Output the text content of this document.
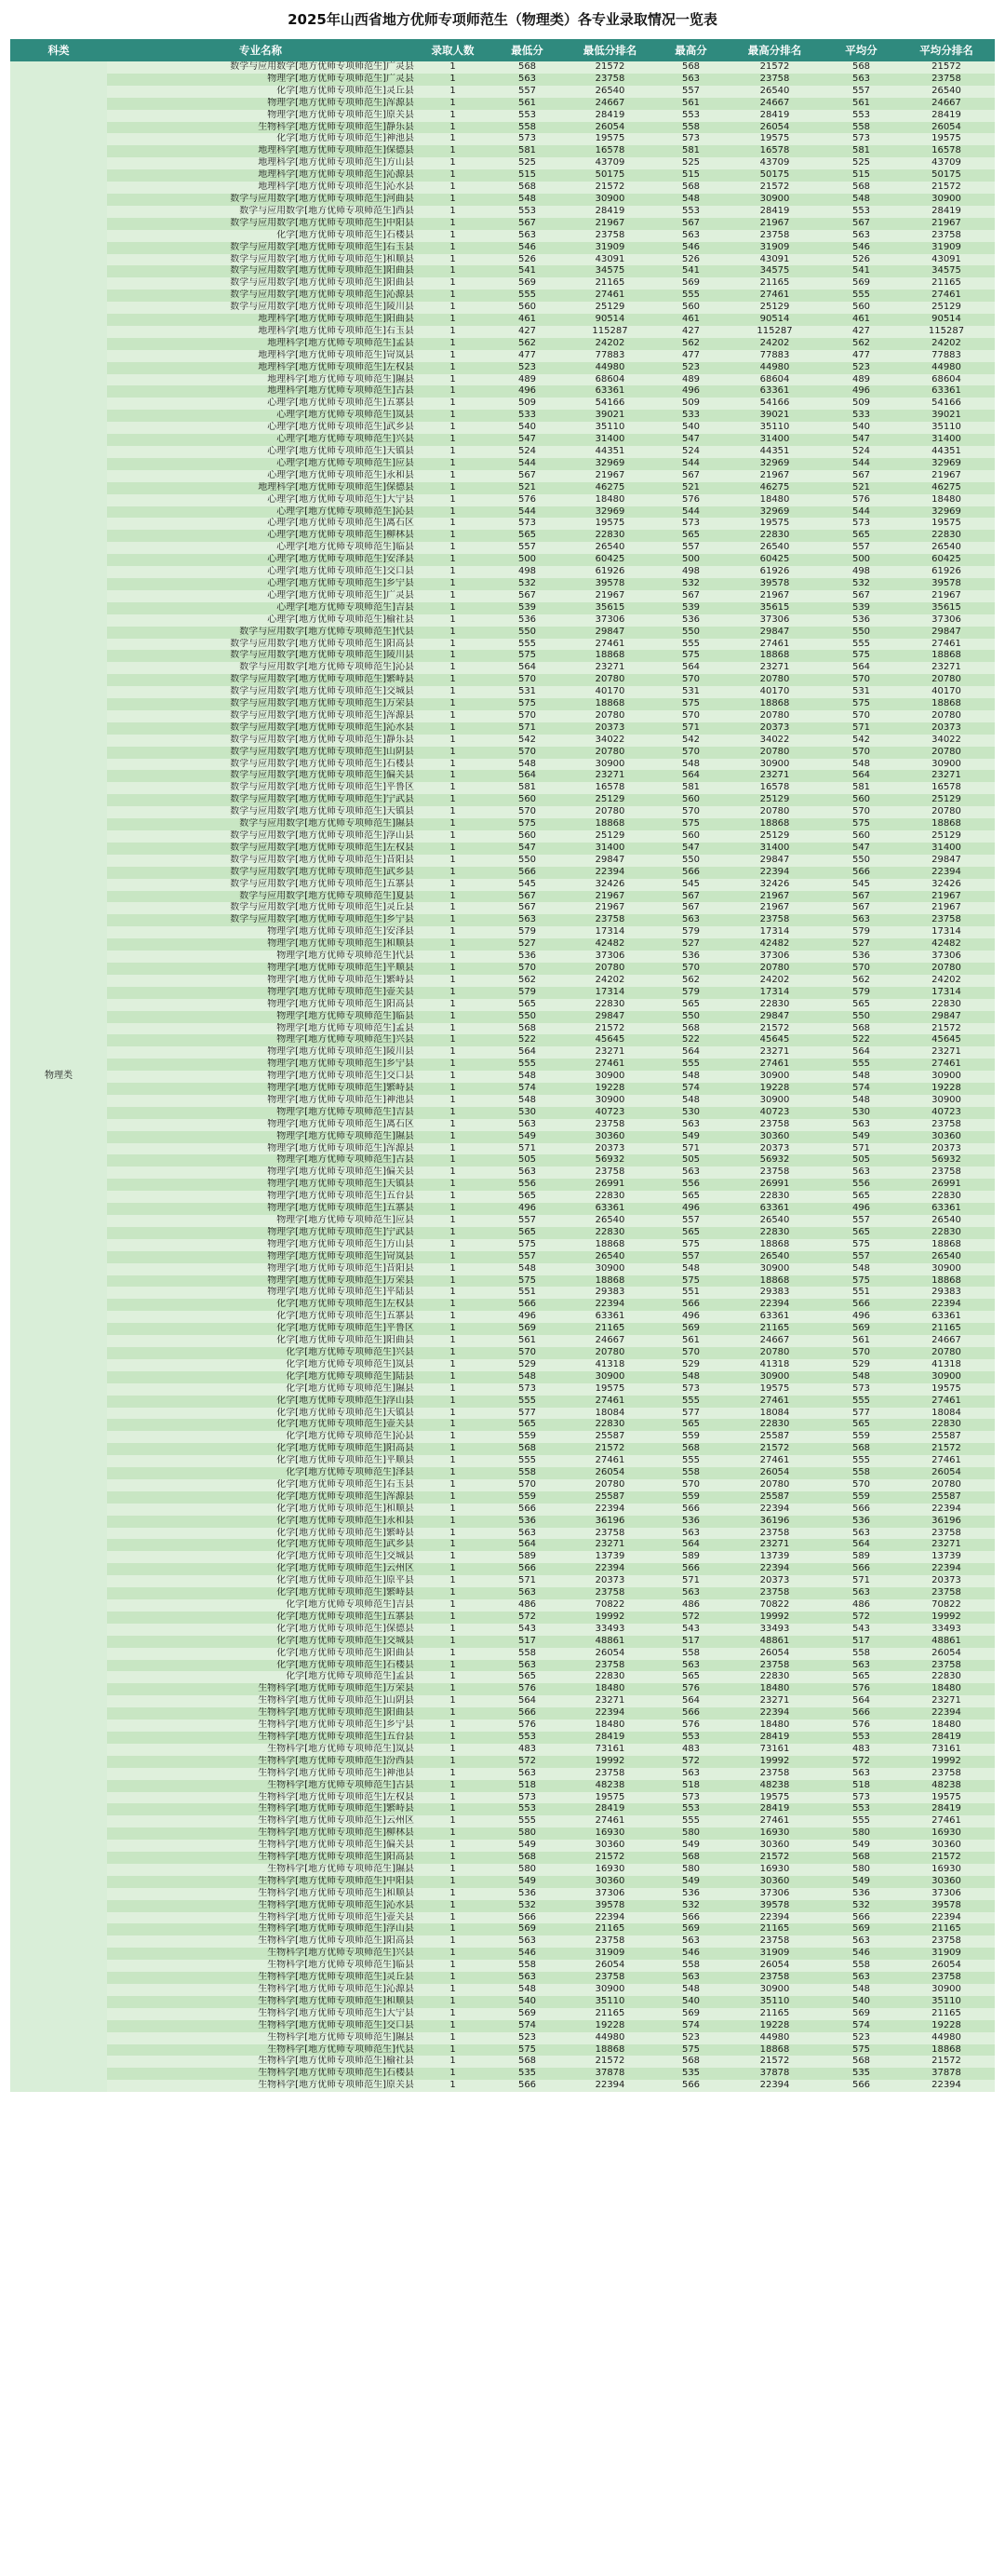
2025年山西省地方优师专项师范生（物理类）各专业录取情况一览表
科类	专业名称	录取人数	最低分	最低分排名	最高分	最高分排名	平均分	平均分排名
物理类	数学与应用数学[地方优师专项师范生]广灵县	1	568	21572	568	21572	568	21572
	物理学[地方优师专项师范生]广灵县	1	563	23758	563	23758	563	23758
	化学[地方优师专项师范生]灵丘县	1	557	26540	557	26540	557	26540
	物理学[地方优师专项师范生]浑源县	1	561	24667	561	24667	561	24667
	物理学[地方优师专项师范生]原关县	1	553	28419	553	28419	553	28419
	生物科学[地方优师专项师范生]静乐县	1	558	26054	558	26054	558	26054
	化学[地方优师专项师范生]神池县	1	573	19575	573	19575	573	19575
	地理科学[地方优师专项师范生]保德县	1	581	16578	581	16578	581	16578
	地理科学[地方优师专项师范生]方山县	1	525	43709	525	43709	525	43709
	地理科学[地方优师专项师范生]沁源县	1	515	50175	515	50175	515	50175
	地理科学[地方优师专项师范生]沁水县	1	568	21572	568	21572	568	21572
	数学与应用数学[地方优师专项师范生]河曲县	1	548	30900	548	30900	548	30900
	数学与应用数学[地方优师专项师范生]西县	1	553	28419	553	28419	553	28419
	数学与应用数学[地方优师专项师范生]中阳县	1	567	21967	567	21967	567	21967
	化学[地方优师专项师范生]石楼县	1	563	23758	563	23758	563	23758
	数学与应用数学[地方优师专项师范生]右玉县	1	546	31909	546	31909	546	31909
	数学与应用数学[地方优师专项师范生]和顺县	1	526	43091	526	43091	526	43091
	数学与应用数学[地方优师专项师范生]阳曲县	1	541	34575	541	34575	541	34575
	数学与应用数学[地方优师专项师范生]阳曲县	1	569	21165	569	21165	569	21165
	数学与应用数学[地方优师专项师范生]沁源县	1	555	27461	555	27461	555	27461
	数学与应用数学[地方优师专项师范生]陵川县	1	560	25129	560	25129	560	25129
	地理科学[地方优师专项师范生]阳曲县	1	461	90514	461	90514	461	90514
	地理科学[地方优师专项师范生]右玉县	1	427	115287	427	115287	427	115287
	地理科学[地方优师专项师范生]孟县	1	562	24202	562	24202	562	24202
	地理科学[地方优师专项师范生]岢岚县	1	477	77883	477	77883	477	77883
	地理科学[地方优师专项师范生]左权县	1	523	44980	523	44980	523	44980
	地理科学[地方优师专项师范生]隰县	1	489	68604	489	68604	489	68604
	地理科学[地方优师专项师范生]古县	1	496	63361	496	63361	496	63361
	心理学[地方优师专项师范生]五寨县	1	509	54166	509	54166	509	54166
	心理学[地方优师专项师范生]岚县	1	533	39021	533	39021	533	39021
	心理学[地方优师专项师范生]武乡县	1	540	35110	540	35110	540	35110
	心理学[地方优师专项师范生]兴县	1	547	31400	547	31400	547	31400
	心理学[地方优师专项师范生]天镇县	1	524	44351	524	44351	524	44351
	心理学[地方优师专项师范生]应县	1	544	32969	544	32969	544	32969
	心理学[地方优师专项师范生]永和县	1	567	21967	567	21967	567	21967
	地理科学[地方优师专项师范生]保德县	1	521	46275	521	46275	521	46275
	心理学[地方优师专项师范生]大宁县	1	576	18480	576	18480	576	18480
	心理学[地方优师专项师范生]沁县	1	544	32969	544	32969	544	32969
	心理学[地方优师专项师范生]离石区	1	573	19575	573	19575	573	19575
	心理学[地方优师专项师范生]柳林县	1	565	22830	565	22830	565	22830
	心理学[地方优师专项师范生]临县	1	557	26540	557	26540	557	26540
	心理学[地方优师专项师范生]安泽县	1	500	60425	500	60425	500	60425
	心理学[地方优师专项师范生]交口县	1	498	61926	498	61926	498	61926
	心理学[地方优师专项师范生]乡宁县	1	532	39578	532	39578	532	39578
	心理学[地方优师专项师范生]广灵县	1	567	21967	567	21967	567	21967
	心理学[地方优师专项师范生]吉县	1	539	35615	539	35615	539	35615
	心理学[地方优师专项师范生]榆社县	1	536	37306	536	37306	536	37306
	数学与应用数学[地方优师专项师范生]代县	1	550	29847	550	29847	550	29847
	数学与应用数学[地方优师专项师范生]阳高县	1	555	27461	555	27461	555	27461
	数学与应用数学[地方优师专项师范生]陵川县	1	575	18868	575	18868	575	18868
	数学与应用数学[地方优师专项师范生]沁县	1	564	23271	564	23271	564	23271
	数学与应用数学[地方优师专项师范生]繁峙县	1	570	20780	570	20780	570	20780
	数学与应用数学[地方优师专项师范生]交城县	1	531	40170	531	40170	531	40170
	数学与应用数学[地方优师专项师范生]万荣县	1	575	18868	575	18868	575	18868
	数学与应用数学[地方优师专项师范生]浑源县	1	570	20780	570	20780	570	20780
	数学与应用数学[地方优师专项师范生]沁水县	1	571	20373	571	20373	571	20373
	数学与应用数学[地方优师专项师范生]静乐县	1	542	34022	542	34022	542	34022
	数学与应用数学[地方优师专项师范生]山阴县	1	570	20780	570	20780	570	20780
	数学与应用数学[地方优师专项师范生]石楼县	1	548	30900	548	30900	548	30900
	数学与应用数学[地方优师专项师范生]偏关县	1	564	23271	564	23271	564	23271
	数学与应用数学[地方优师专项师范生]平鲁区	1	581	16578	581	16578	581	16578
	数学与应用数学[地方优师专项师范生]宁武县	1	560	25129	560	25129	560	25129
	数学与应用数学[地方优师专项师范生]天镇县	1	570	20780	570	20780	570	20780
	数学与应用数学[地方优师专项师范生]隰县	1	575	18868	575	18868	575	18868
	数学与应用数学[地方优师专项师范生]浮山县	1	560	25129	560	25129	560	25129
	数学与应用数学[地方优师专项师范生]左权县	1	547	31400	547	31400	547	31400
	数学与应用数学[地方优师专项师范生]昔阳县	1	550	29847	550	29847	550	29847
	数学与应用数学[地方优师专项师范生]武乡县	1	566	22394	566	22394	566	22394
	数学与应用数学[地方优师专项师范生]五寨县	1	545	32426	545	32426	545	32426
	数学与应用数学[地方优师专项师范生]夏县	1	567	21967	567	21967	567	21967
	数学与应用数学[地方优师专项师范生]灵丘县	1	567	21967	567	21967	567	21967
	数学与应用数学[地方优师专项师范生]乡宁县	1	563	23758	563	23758	563	23758
	物理学[地方优师专项师范生]安泽县	1	579	17314	579	17314	579	17314
	物理学[地方优师专项师范生]和顺县	1	527	42482	527	42482	527	42482
	物理学[地方优师专项师范生]代县	1	536	37306	536	37306	536	37306
	物理学[地方优师专项师范生]平顺县	1	570	20780	570	20780	570	20780
	物理学[地方优师专项师范生]繁峙县	1	562	24202	562	24202	562	24202
	物理学[地方优师专项师范生]壶关县	1	579	17314	579	17314	579	17314
	物理学[地方优师专项师范生]阳高县	1	565	22830	565	22830	565	22830
	物理学[地方优师专项师范生]临县	1	550	29847	550	29847	550	29847
	物理学[地方优师专项师范生]孟县	1	568	21572	568	21572	568	21572
	物理学[地方优师专项师范生]兴县	1	522	45645	522	45645	522	45645
	物理学[地方优师专项师范生]陵川县	1	564	23271	564	23271	564	23271
	物理学[地方优师专项师范生]乡宁县	1	555	27461	555	27461	555	27461
	物理学[地方优师专项师范生]交口县	1	548	30900	548	30900	548	30900
	物理学[地方优师专项师范生]繁峙县	1	574	19228	574	19228	574	19228
	物理学[地方优师专项师范生]神池县	1	548	30900	548	30900	548	30900
	物理学[地方优师专项师范生]吉县	1	530	40723	530	40723	530	40723
	物理学[地方优师专项师范生]离石区	1	563	23758	563	23758	563	23758
	物理学[地方优师专项师范生]隰县	1	549	30360	549	30360	549	30360
	物理学[地方优师专项师范生]浑源县	1	571	20373	571	20373	571	20373
	物理学[地方优师专项师范生]古县	1	505	56932	505	56932	505	56932
	物理学[地方优师专项师范生]偏关县	1	563	23758	563	23758	563	23758
	物理学[地方优师专项师范生]天镇县	1	556	26991	556	26991	556	26991
	物理学[地方优师专项师范生]五台县	1	565	22830	565	22830	565	22830
	物理学[地方优师专项师范生]五寨县	1	496	63361	496	63361	496	63361
	物理学[地方优师专项师范生]应县	1	557	26540	557	26540	557	26540
	物理学[地方优师专项师范生]宁武县	1	565	22830	565	22830	565	22830
	物理学[地方优师专项师范生]方山县	1	575	18868	575	18868	575	18868
	物理学[地方优师专项师范生]岢岚县	1	557	26540	557	26540	557	26540
	物理学[地方优师专项师范生]昔阳县	1	548	30900	548	30900	548	30900
	物理学[地方优师专项师范生]万荣县	1	575	18868	575	18868	575	18868
	物理学[地方优师专项师范生]平陆县	1	551	29383	551	29383	551	29383
	化学[地方优师专项师范生]左权县	1	566	22394	566	22394	566	22394
	化学[地方优师专项师范生]五寨县	1	496	63361	496	63361	496	63361
	化学[地方优师专项师范生]平鲁区	1	569	21165	569	21165	569	21165
	化学[地方优师专项师范生]阳曲县	1	561	24667	561	24667	561	24667
	化学[地方优师专项师范生]兴县	1	570	20780	570	20780	570	20780
	化学[地方优师专项师范生]岚县	1	529	41318	529	41318	529	41318
	化学[地方优师专项师范生]陆县	1	548	30900	548	30900	548	30900
	化学[地方优师专项师范生]隰县	1	573	19575	573	19575	573	19575
	化学[地方优师专项师范生]浮山县	1	555	27461	555	27461	555	27461
	化学[地方优师专项师范生]天镇县	1	577	18084	577	18084	577	18084
	化学[地方优师专项师范生]壶关县	1	565	22830	565	22830	565	22830
	化学[地方优师专项师范生]沁县	1	559	25587	559	25587	559	25587
	化学[地方优师专项师范生]阳高县	1	568	21572	568	21572	568	21572
	化学[地方优师专项师范生]平顺县	1	555	27461	555	27461	555	27461
	化学[地方优师专项师范生]泽县	1	558	26054	558	26054	558	26054
	化学[地方优师专项师范生]右玉县	1	570	20780	570	20780	570	20780
	化学[地方优师专项师范生]浑源县	1	559	25587	559	25587	559	25587
	化学[地方优师专项师范生]和顺县	1	566	22394	566	22394	566	22394
	化学[地方优师专项师范生]永和县	1	536	36196	536	36196	536	36196
	化学[地方优师专项师范生]繁峙县	1	563	23758	563	23758	563	23758
	化学[地方优师专项师范生]武乡县	1	564	23271	564	23271	564	23271
	化学[地方优师专项师范生]交城县	1	589	13739	589	13739	589	13739
	化学[地方优师专项师范生]云州区	1	566	22394	566	22394	566	22394
	化学[地方优师专项师范生]原平县	1	571	20373	571	20373	571	20373
	化学[地方优师专项师范生]繁峙县	1	563	23758	563	23758	563	23758
	化学[地方优师专项师范生]吉县	1	486	70822	486	70822	486	70822
	化学[地方优师专项师范生]五寨县	1	572	19992	572	19992	572	19992
	化学[地方优师专项师范生]保德县	1	543	33493	543	33493	543	33493
	化学[地方优师专项师范生]交城县	1	517	48861	517	48861	517	48861
	化学[地方优师专项师范生]阳曲县	1	558	26054	558	26054	558	26054
	化学[地方优师专项师范生]石楼县	1	563	23758	563	23758	563	23758
	化学[地方优师专项师范生]孟县	1	565	22830	565	22830	565	22830
	生物科学[地方优师专项师范生]万荣县	1	576	18480	576	18480	576	18480
	生物科学[地方优师专项师范生]山阴县	1	564	23271	564	23271	564	23271
	生物科学[地方优师专项师范生]阳曲县	1	566	22394	566	22394	566	22394
	生物科学[地方优师专项师范生]乡宁县	1	576	18480	576	18480	576	18480
	生物科学[地方优师专项师范生]五台县	1	553	28419	553	28419	553	28419
	生物科学[地方优师专项师范生]岚县	1	483	73161	483	73161	483	73161
	生物科学[地方优师专项师范生]汾西县	1	572	19992	572	19992	572	19992
	生物科学[地方优师专项师范生]神池县	1	563	23758	563	23758	563	23758
	生物科学[地方优师专项师范生]古县	1	518	48238	518	48238	518	48238
	生物科学[地方优师专项师范生]左权县	1	573	19575	573	19575	573	19575
	生物科学[地方优师专项师范生]繁峙县	1	553	28419	553	28419	553	28419
	生物科学[地方优师专项师范生]云州区	1	555	27461	555	27461	555	27461
	生物科学[地方优师专项师范生]柳林县	1	580	16930	580	16930	580	16930
	生物科学[地方优师专项师范生]偏关县	1	549	30360	549	30360	549	30360
	生物科学[地方优师专项师范生]阳高县	1	568	21572	568	21572	568	21572
	生物科学[地方优师专项师范生]隰县	1	580	16930	580	16930	580	16930
	生物科学[地方优师专项师范生]中阳县	1	549	30360	549	30360	549	30360
	生物科学[地方优师专项师范生]和顺县	1	536	37306	536	37306	536	37306
	生物科学[地方优师专项师范生]沁水县	1	532	39578	532	39578	532	39578
	生物科学[地方优师专项师范生]壶关县	1	566	22394	566	22394	566	22394
	生物科学[地方优师专项师范生]浮山县	1	569	21165	569	21165	569	21165
	生物科学[地方优师专项师范生]阳高县	1	563	23758	563	23758	563	23758
	生物科学[地方优师专项师范生]兴县	1	546	31909	546	31909	546	31909
	生物科学[地方优师专项师范生]临县	1	558	26054	558	26054	558	26054
	生物科学[地方优师专项师范生]灵丘县	1	563	23758	563	23758	563	23758
	生物科学[地方优师专项师范生]沁源县	1	548	30900	548	30900	548	30900
	生物科学[地方优师专项师范生]和顺县	1	540	35110	540	35110	540	35110
	生物科学[地方优师专项师范生]大宁县	1	569	21165	569	21165	569	21165
	生物科学[地方优师专项师范生]交口县	1	574	19228	574	19228	574	19228
	生物科学[地方优师专项师范生]隰县	1	523	44980	523	44980	523	44980
	生物科学[地方优师专项师范生]代县	1	575	18868	575	18868	575	18868
	生物科学[地方优师专项师范生]榆社县	1	568	21572	568	21572	568	21572
	生物科学[地方优师专项师范生]石楼县	1	535	37878	535	37878	535	37878
	生物科学[地方优师专项师范生]原关县	1	566	22394	566	22394	566	22394
